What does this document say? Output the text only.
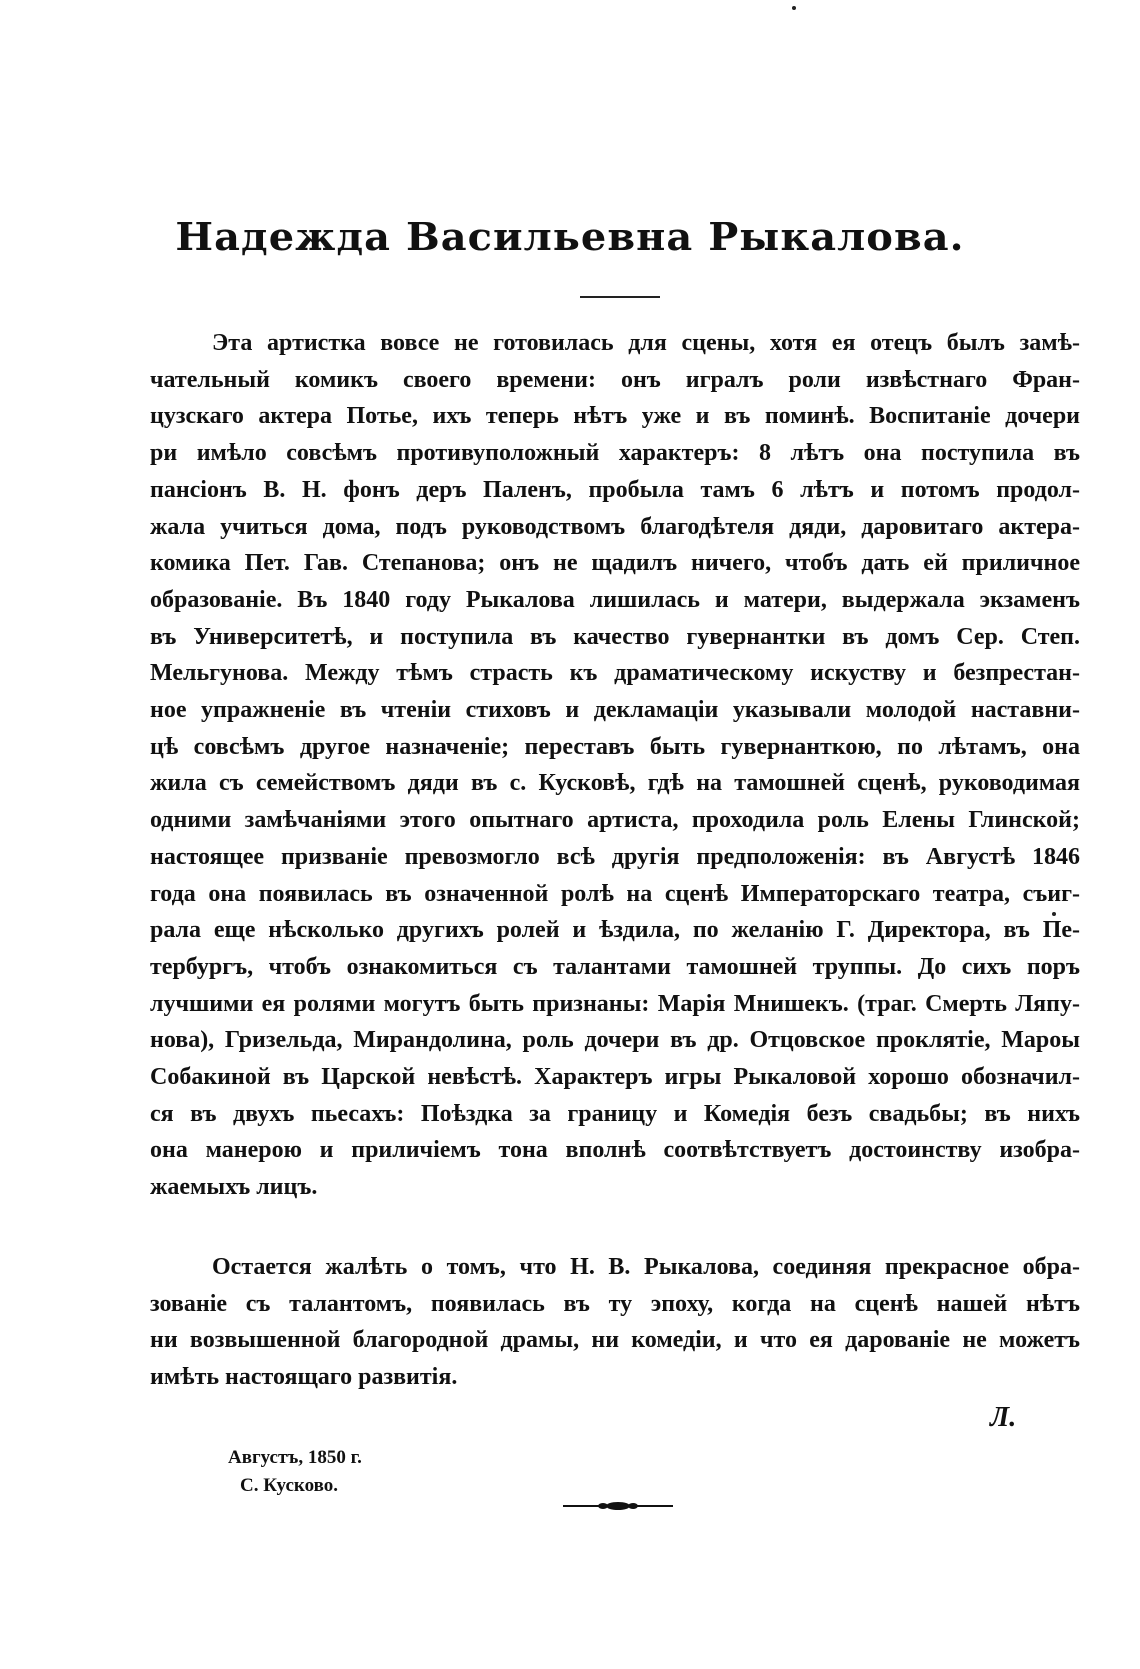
Надежда Васильевна Рыкалова.
Эта артистка вовсе не готовилась для сцены, хотя ея отецъ былъ замѣ-
чательный комикъ своего времени: онъ игралъ роли извѣстнаго Фран-
цузскаго актера Потье, ихъ теперь нѣтъ уже и въ поминѣ. Воспитаніе дочери
ри имѣло совсѣмъ противуположный характеръ: 8 лѣтъ она поступила въ
пансіонъ В. Н. фонъ деръ Паленъ, пробыла тамъ 6 лѣтъ и потомъ продол-
жала учиться дома, подъ руководствомъ благодѣтеля дяди, даровитаго актера-
комика Пет. Гав. Степанова; онъ не щадилъ ничего, чтобъ дать ей приличное
образованіе. Въ 1840 году Рыкалова лишилась и матери, выдержала экзаменъ
въ Университетѣ, и поступила въ качество гувернантки въ домъ Сер. Степ.
Мельгунова. Между тѣмъ страсть къ драматическому искуству и безпрестан-
ное упражненіе въ чтеніи стиховъ и декламаціи указывали молодой наставни-
цѣ совсѣмъ другое назначеніе; переставъ быть гувернанткою, по лѣтамъ, она
жила съ семействомъ дяди въ с. Кусковѣ, гдѣ на тамошней сценѣ, руководимая
одними замѣчаніями этого опытнаго артиста, проходила роль Елены Глинской;
настоящее призваніе превозмогло всѣ другія предположенія: въ Августѣ 1846
года она появилась въ означенной ролѣ на сценѣ Императорскаго театра, съиг-
рала еще нѣсколько другихъ ролей и ѣздила, по желанію Г. Директора, въ Пе-
тербургъ, чтобъ ознакомиться съ талантами тамошней труппы. До сихъ поръ
лучшими ея ролями могутъ быть признаны: Марія Мнишекъ. (траг. Смерть Ляпу-
нова), Гризельда, Мирандолина, роль дочери въ др. Отцовское проклятіе, Мароы
Собакиной въ Царской невѣстѣ. Характеръ игры Рыкаловой хорошо обозначил-
ся въ двухъ пьесахъ: Поѣздка за границу и Комедія безъ свадьбы; въ нихъ
она манерою и приличіемъ тона вполнѣ соотвѣтствуетъ достоинству изобра-
жаемыхъ лицъ.
Остается жалѣть о томъ, что Н. В. Рыкалова, соединяя прекрасное обра-
зованіе съ талантомъ, появилась въ ту эпоху, когда на сценѣ нашей нѣтъ
ни возвышенной благородной драмы, ни комедіи, и что ея дарованіе не можетъ
имѣть настоящаго развитія.
Л.
Августъ, 1850 г.
С. Кусково.
